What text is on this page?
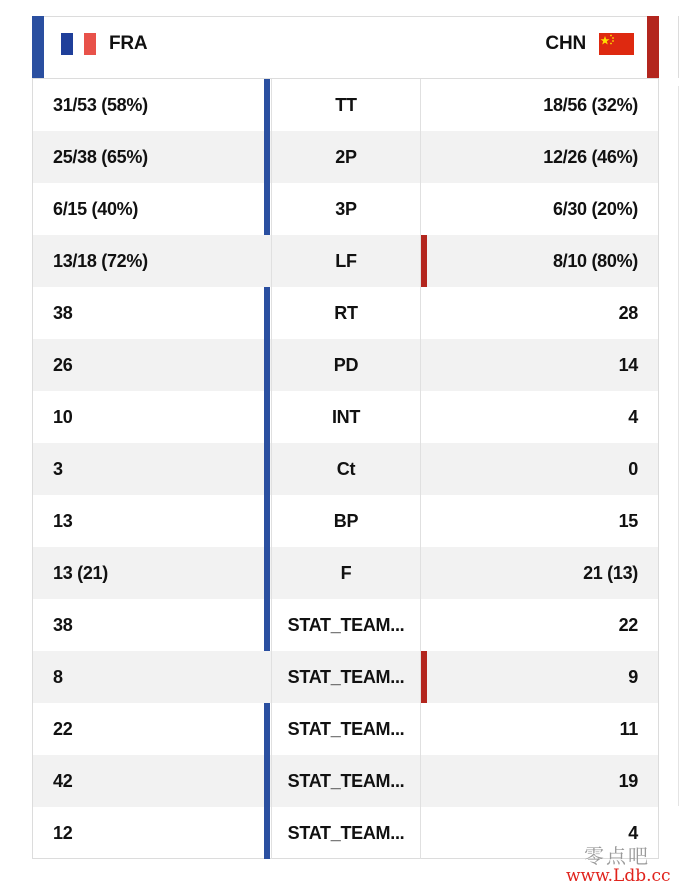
FRA	CHN
31/53 (58%)	TT	18/56 (32%)
25/38 (65%)	2P	12/26 (46%)
6/15 (40%)	3P	6/30 (20%)
13/18 (72%)	LF	8/10 (80%)
38	RT	28
26	PD	14
10	INT	4
3	Ct	0
13	BP	15
13 (21)	F	21 (13)
38	STAT_TEAM...	22
8	STAT_TEAM...	9
22	STAT_TEAM...	11
42	STAT_TEAM...	19
12	STAT_TEAM...	4
零点吧
www.Ldb.cc
